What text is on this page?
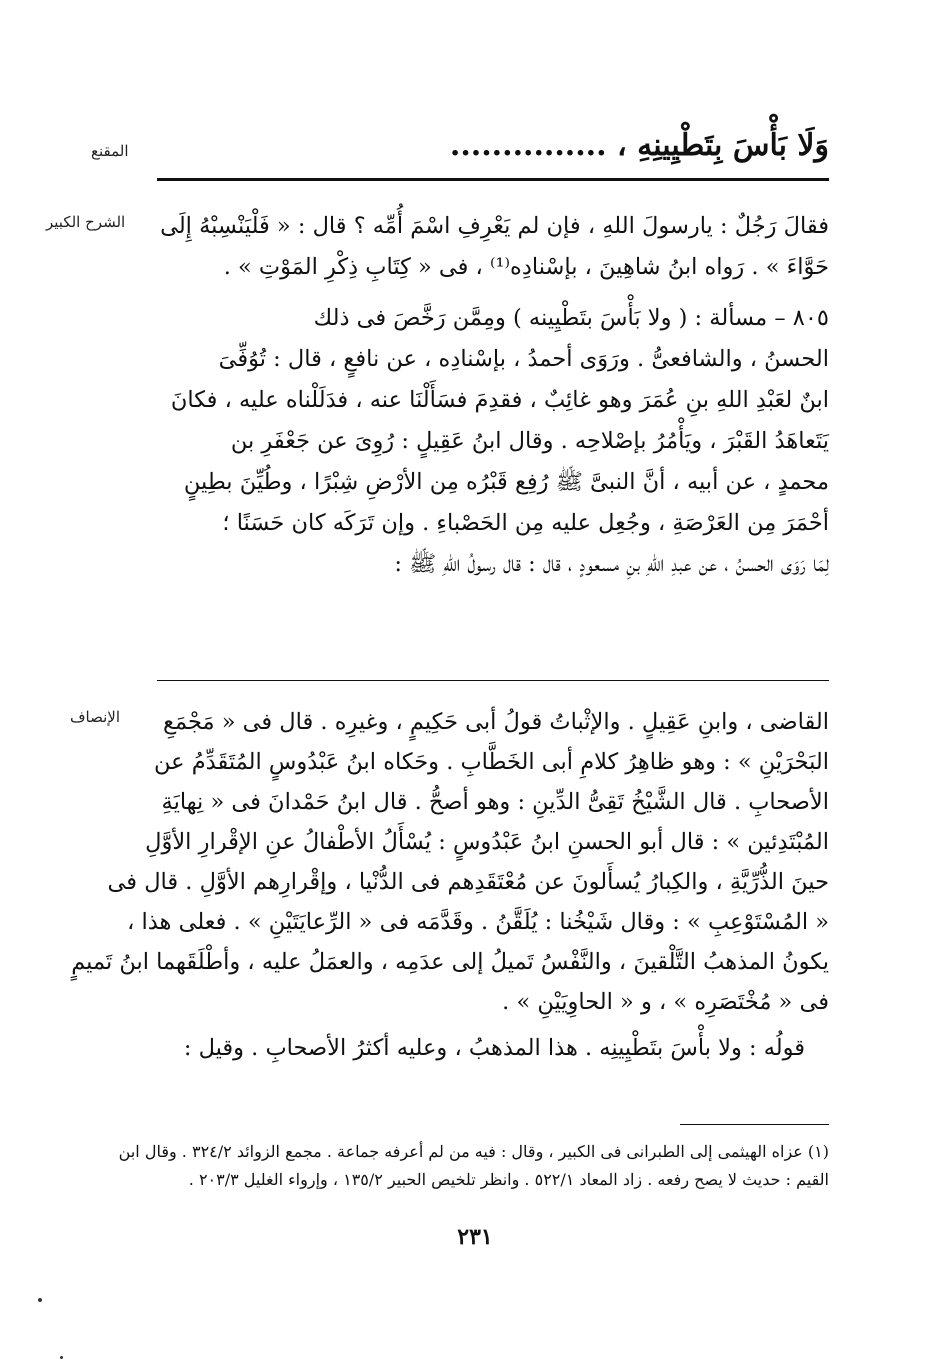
المقنع	وَلَا بَأْسَ بِتَطْيِينِهِ ، ...............
الشرح الكبير فقالَ رَجُلٌ : يارسولَ اللهِ ، فإن لم يَعْرِفِ اسْمَ أُمِّه ؟ قال : « فَلْيَنْسِبْهُ إِلَى
حَوَّاءَ » . رَواه ابنُ شاهِينَ ، بإسْنادِه⁽¹⁾ ، فى « كِتَابِ ذِكْرِ المَوْتِ » .
٨٠٥ – مسألة : ( ولا بَأْسَ بتَطْيِينه ) ومِمَّن رَخَّصَ فى ذلك
الحسنُ ، والشافعىُّ . ورَوَى أحمدُ ، بإسْنادِه ، عن نافعٍ ، قال : تُوُفِّىَ
ابنٌ لعَبْدِ اللهِ بنِ عُمَرَ وهو غائِبٌ ، فقدِمَ فسَأَلْنَا عنه ، فدَلَلْناه عليه ، فكانَ
يَتَعاهَدُ القَبْرَ ، ويَأْمُرُ بإصْلاحِه . وقال ابنُ عَقِيلٍ : رُوِىَ عن جَعْفَرِ بن
محمدٍ ، عن أبيه ، أنَّ النبىَّ ﷺ رُفِع قَبْرُه مِن الأرْضِ شِبْرًا ، وطُيِّنَ بطِينٍ
أحْمَرَ مِن العَرْصَةِ ، وجُعِل عليه مِن الحَصْباءِ . وإن تَرَكَه كان حَسَنًا ؛
لِمَا رَوَى الحسنُ ، عن عبدِ اللهِ بنِ مسعودٍ ، قال : قال رسولُ اللهِ ﷺ :
الإنصاف القاضى ، وابنِ عَقِيلٍ . والإثْباتُ قولُ أبى حَكِيمٍ ، وغيرِه . قال فى « مَجْمَعِ
البَحْرَيْنِ » : وهو ظاهِرُ كلامِ أبى الخَطَّابِ . وحَكاه ابنُ عَبْدُوسٍ المُتَقَدِّمُ عن
الأصحابِ . قال الشَّيْخُ تَقِىُّ الدِّينِ : وهو أصحُّ . قال ابنُ حَمْدانَ فى « نِهايَةِ
المُبْتَدِئين » : قال أبو الحسنِ ابنُ عَبْدُوسٍ : يُسْأَلُ الأطْفالُ عنِ الإقْرارِ الأوَّلِ
حينَ الذُّرِّيَّةِ ، والكِبارُ يُسأَلونَ عن مُعْتَقَدِهم فى الدُّنْيا ، وإقْرارِهم الأوَّلِ . قال فى
« المُسْتَوْعِبِ » : وقال شَيْخُنا : يُلَقَّنُ . وقَدَّمَه فى « الرِّعايَتَيْنِ » . فعلى هذا ،
يكونُ المذهبُ التَّلْقينَ ، والنَّفْسُ تَميلُ إلى عدَمِه ، والعمَلُ عليه ، وأطْلَقَهما ابنُ تَميمٍ
فى « مُخْتَصَرِه » ، و « الحاوِيَيْنِ » .
قولُه : ولا بأْسَ بتَطْيِينِه . هذا المذهبُ ، وعليه أكثرُ الأصحابِ . وقيل :
(١) عزاه الهيثمى إلى الطبرانى فى الكبير ، وقال : فيه من لم أعرفه جماعة . مجمع الزوائد ٣٢٤/٢ . وقال ابن
القيم : حديث لا يصح رفعه . زاد المعاد ٥٢٢/١ . وانظر تلخيص الحبير ١٣٥/٢ ، وإرواء الغليل ٢٠٣/٣ .
٢٣١
